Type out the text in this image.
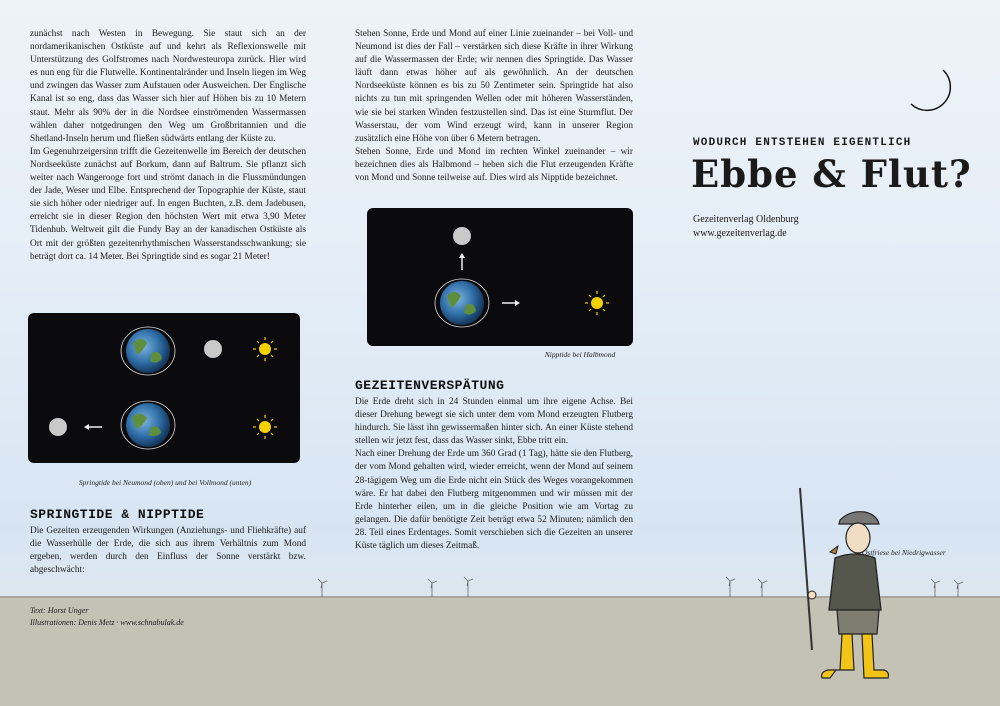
zunächst nach Westen in Bewegung. Sie staut sich an der nordamerikanischen Ostküste auf und kehrt als Reflexionswelle mit Unterstützung des Golfstromes nach Nordwesteuropa zurück. Hier wird es nun eng für die Flutwelle. Kontinentalränder und Inseln liegen im Weg und zwingen das Wasser zum Aufstauen oder Ausweichen. Der Englische Kanal ist so eng, dass das Wasser sich hier auf Höhen bis zu 10 Metern staut. Mehr als 90% der in die Nordsee einströmenden Wassermassen wählen daher notgedrungen den Weg um Großbritannien und die Shetland-Inseln herum und fließen südwärts entlang der Küste zu.

Im Gegenuhrzeigersinn trifft die Gezeitenwelle im Bereich der deutschen Nordseeküste zunächst auf Borkum, dann auf Baltrum. Sie pflanzt sich weiter nach Wangerooge fort und strömt danach in die Flussmündungen der Jade, Weser und Elbe. Entsprechend der Topographie der Küste, staut sie sich höher oder niedriger auf. In engen Buchten, z.B. dem Jadebusen, erreicht sie in dieser Region den höchsten Wert mit etwa 3,90 Meter Tidenhub. Weltweit gilt die Fundy Bay an der kanadischen Ostküste als Ort mit der größten gezeitenrhythmischen Wasserstandsschwankung; sie beträgt dort ca. 14 Meter. Bei Springtide sind es sogar 21 Meter!

Stehen Sonne, Erde und Mond auf einer Linie zueinander – bei Voll- und Neumond ist dies der Fall – verstärken sich diese Kräfte in ihrer Wirkung auf die Wassermassen der Erde; wir nennen dies Springtide. Das Wasser läuft dann etwas höher auf als gewöhnlich. An der deutschen Nordseeküste können es bis zu 50 Zentimeter sein. Springtide hat also nichts zu tun mit springenden Wellen oder mit höheren Wasserständen, wie sie bei starken Winden festzustellen sind. Das ist eine Sturmflut. Der Wasserstau, der vom Wind erzeugt wird, kann in unserer Region zusätzlich eine Höhe von über 6 Metern betragen.

Stehen Sonne, Erde und Mond im rechten Winkel zueinander – wir bezeichnen dies als Halbmond – heben sich die Flut erzeugenden Kräfte von Mond und Sonne teilweise auf. Dies wird als Nipptide bezeichnet.

Springtide bei Neumond (oben) und bei Vollmond (unten)
Nipptide bei Halbmond
GEZEITENVERSPÄTUNG

Die Erde dreht sich in 24 Stunden einmal um ihre eigene Achse. Bei dieser Drehung bewegt sie sich unter dem vom Mond erzeugten Flutberg hindurch. Sie lässt ihn gewissermaßen hinter sich. An einer Küste stehend stellen wir jetzt fest, dass das Wasser sinkt, Ebbe tritt ein.

Nach einer Drehung der Erde um 360 Grad (1 Tag), hätte sie den Flutberg, der vom Mond gehalten wird, wieder erreicht, wenn der Mond auf seinem 28-tägigem Weg um die Erde nicht ein Stück des Weges vorangekommen wäre. Er hat dabei den Flutberg mitgenommen und wir müssen mit der Erde hinterher eilen, um in die gleiche Position wie am Vortag zu gelangen. Die dafür benötigte Zeit beträgt etwa 52 Minuten; nämlich den 28. Teil eines Erdentages. Somit verschieben sich die Gezeiten an unserer Küste täglich um dieses Zeitmaß.

SPRINGTIDE & NIPPTIDE

Die Gezeiten erzeugenden Wirkungen (Anziehungs- und Fliehkräfte) auf die Wasserhülle der Erde, die sich aus ihrem Verhältnis zum Mond ergeben, werden durch den Einfluss der Sonne verstärkt bzw. abgeschwächt:

WODURCH ENTSTEHEN EIGENTLICH
Ebbe & Flut?
Gezeitenverlag Oldenburg
www.gezeitenverlag.de
Ostfriese bei Niedrigwasser
Text: Horst Unger
Illustrationen: Denis Metz · www.schnabulak.de
